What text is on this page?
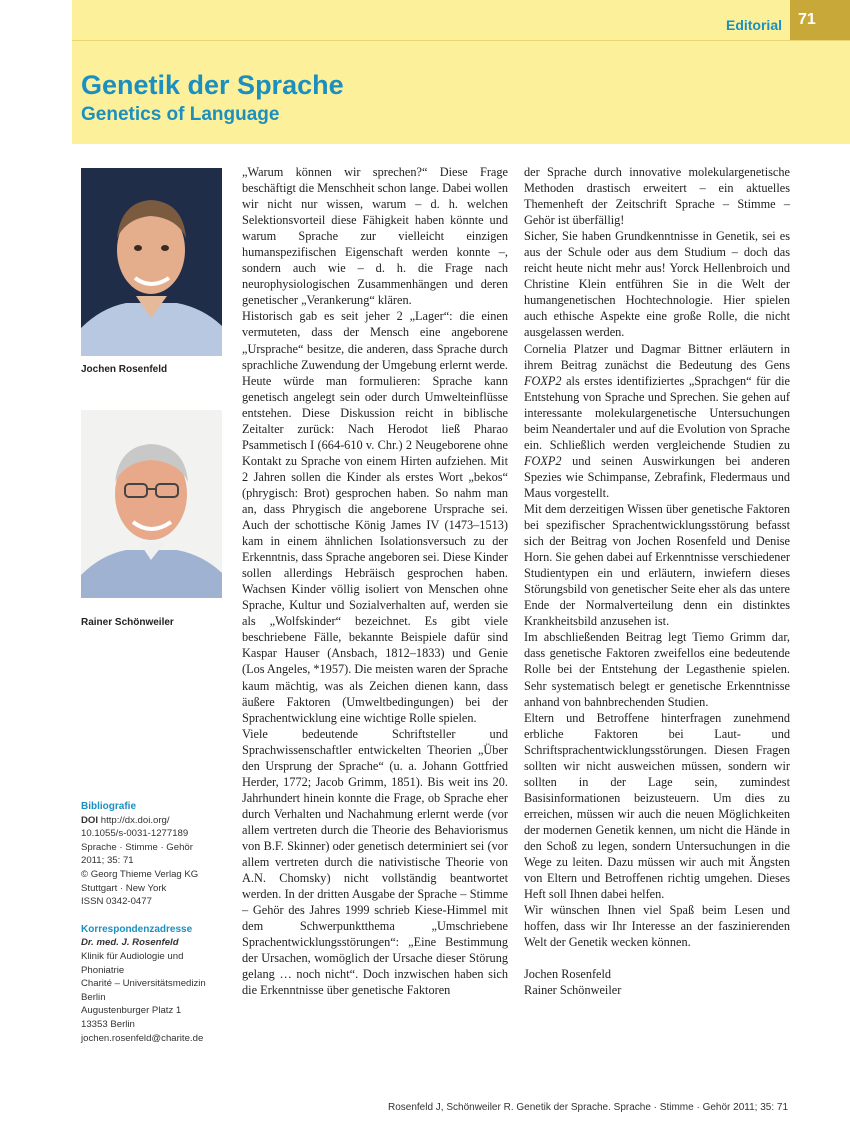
Editorial	71
Genetik der Sprache
Genetics of Language
Jochen Rosenfeld
Rainer Schönweiler
Bibliografie
DOI http://dx.doi.org/
10.1055/s-0031-1277189
Sprache · Stimme · Gehör
2011; 35: 71
© Georg Thieme Verlag KG
Stuttgart · New York
ISSN 0342-0477
Korrespondenzadresse
Dr. med. J. Rosenfeld
Klinik für Audiologie und
Phoniatrie
Charité – Universitätsmedizin
Berlin
Augustenburger Platz 1
13353 Berlin
jochen.rosenfeld@charite.de

„Warum können wir sprechen?“ Diese Frage beschäftigt die Menschheit schon lange. Dabei wollen wir nicht nur wissen, warum – d. h. welchen Selektionsvorteil diese Fähigkeit haben könnte und warum Sprache zur vielleicht einzigen humanspezifischen Eigenschaft werden konnte –, sondern auch wie – d. h. die Frage nach neurophysiologischen Zusammenhängen und deren genetischer „Verankerung“ klären.

Historisch gab es seit jeher 2 „Lager“: die einen vermuteten, dass der Mensch eine angeborene „Ursprache“ besitze, die anderen, dass Sprache durch sprachliche Zuwendung der Umgebung erlernt werde. Heute würde man formulieren: Sprache kann genetisch angelegt sein oder durch Umwelteinflüsse entstehen. Diese Diskussion reicht in biblische Zeitalter zurück: Nach Herodot ließ Pharao Psammetisch I (664-610 v. Chr.) 2 Neugeborene ohne Kontakt zu Sprache von einem Hirten aufziehen. Mit 2 Jahren sollen die Kinder als erstes Wort „bekos“ (phrygisch: Brot) gesprochen haben. So nahm man an, dass Phrygisch die angeborene Ursprache sei. Auch der schottische König James IV (1473–1513) kam in einem ähnlichen Isolationsversuch zu der Erkenntnis, dass Sprache angeboren sei. Diese Kinder sollen allerdings Hebräisch gesprochen haben. Wachsen Kinder völlig isoliert von Menschen ohne Sprache, Kultur und Sozialverhalten auf, werden sie als „Wolfskinder“ bezeichnet. Es gibt viele beschriebene Fälle, bekannte Beispiele dafür sind Kaspar Hauser (Ansbach, 1812–1833) und Genie (Los Angeles, *1957). Die meisten waren der Sprache kaum mächtig, was als Zeichen dienen kann, dass äußere Faktoren (Umweltbedingungen) bei der Sprachentwicklung eine wichtige Rolle spielen.

Viele bedeutende Schriftsteller und Sprachwissenschaftler entwickelten Theorien „Über den Ursprung der Sprache“ (u. a. Johann Gottfried Herder, 1772; Jacob Grimm, 1851). Bis weit ins 20. Jahrhundert hinein konnte die Frage, ob Sprache eher durch Verhalten und Nachahmung erlernt werde (vor allem vertreten durch die Theorie des Behaviorismus von B.F. Skinner) oder genetisch determiniert sei (vor allem vertreten durch die nativistische Theorie von A.N. Chomsky) nicht vollständig beantwortet werden. In der dritten Ausgabe der Sprache – Stimme – Gehör des Jahres 1999 schrieb Kiese-Himmel mit dem Schwerpunktthema „Umschriebene Sprachentwicklungsstörungen“: „Eine Bestimmung der Ursachen, womöglich der Ursache dieser Störung gelang … noch nicht“. Doch inzwischen haben sich die Erkenntnisse über genetische Faktoren

der Sprache durch innovative molekulargenetische Methoden drastisch erweitert – ein aktuelles Themenheft der Zeitschrift Sprache – Stimme – Gehör ist überfällig!

Sicher, Sie haben Grundkenntnisse in Genetik, sei es aus der Schule oder aus dem Studium – doch das reicht heute nicht mehr aus! Yorck Hellenbroich und Christine Klein entführen Sie in die Welt der humangenetischen Hochtechnologie. Hier spielen auch ethische Aspekte eine große Rolle, die nicht ausgelassen werden.

Cornelia Platzer und Dagmar Bittner erläutern in ihrem Beitrag zunächst die Bedeutung des Gens FOXP2 als erstes identifiziertes „Sprachgen“ für die Entstehung von Sprache und Sprechen. Sie gehen auf interessante molekulargenetische Untersuchungen beim Neandertaler und auf die Evolution von Sprache ein. Schließlich werden vergleichende Studien zu FOXP2 und seinen Auswirkungen bei anderen Spezies wie Schimpanse, Zebrafink, Fledermaus und Maus vorgestellt.

Mit dem derzeitigen Wissen über genetische Faktoren bei spezifischer Sprachentwicklungsstörung befasst sich der Beitrag von Jochen Rosenfeld und Denise Horn. Sie gehen dabei auf Erkenntnisse verschiedener Studientypen ein und erläutern, inwiefern dieses Störungsbild von genetischer Seite eher als das untere Ende der Normalverteilung denn ein distinktes Krankheitsbild anzusehen ist.

Im abschließenden Beitrag legt Tiemo Grimm dar, dass genetische Faktoren zweifellos eine bedeutende Rolle bei der Entstehung der Legasthenie spielen. Sehr systematisch belegt er genetische Erkenntnisse anhand von bahnbrechenden Studien.

Eltern und Betroffene hinterfragen zunehmend erbliche Faktoren bei Laut- und Schriftsprachentwicklungsstörungen. Diesen Fragen sollten wir nicht ausweichen müssen, sondern wir sollten in der Lage sein, zumindest Basisinformationen beizusteuern. Um dies zu erreichen, müssen wir auch die neuen Möglichkeiten der modernen Genetik kennen, um nicht die Hände in den Schoß zu legen, sondern Untersuchungen in die Wege zu leiten. Dazu müssen wir auch mit Ängsten von Eltern und Betroffenen richtig umgehen. Dieses Heft soll Ihnen dabei helfen.

Wir wünschen Ihnen viel Spaß beim Lesen und hoffen, dass wir Ihr Interesse an der faszinierenden Welt der Genetik wecken können.

Jochen Rosenfeld

Rainer Schönweiler

Rosenfeld J, Schönweiler R. Genetik der Sprache. Sprache · Stimme · Gehör 2011; 35: 71
